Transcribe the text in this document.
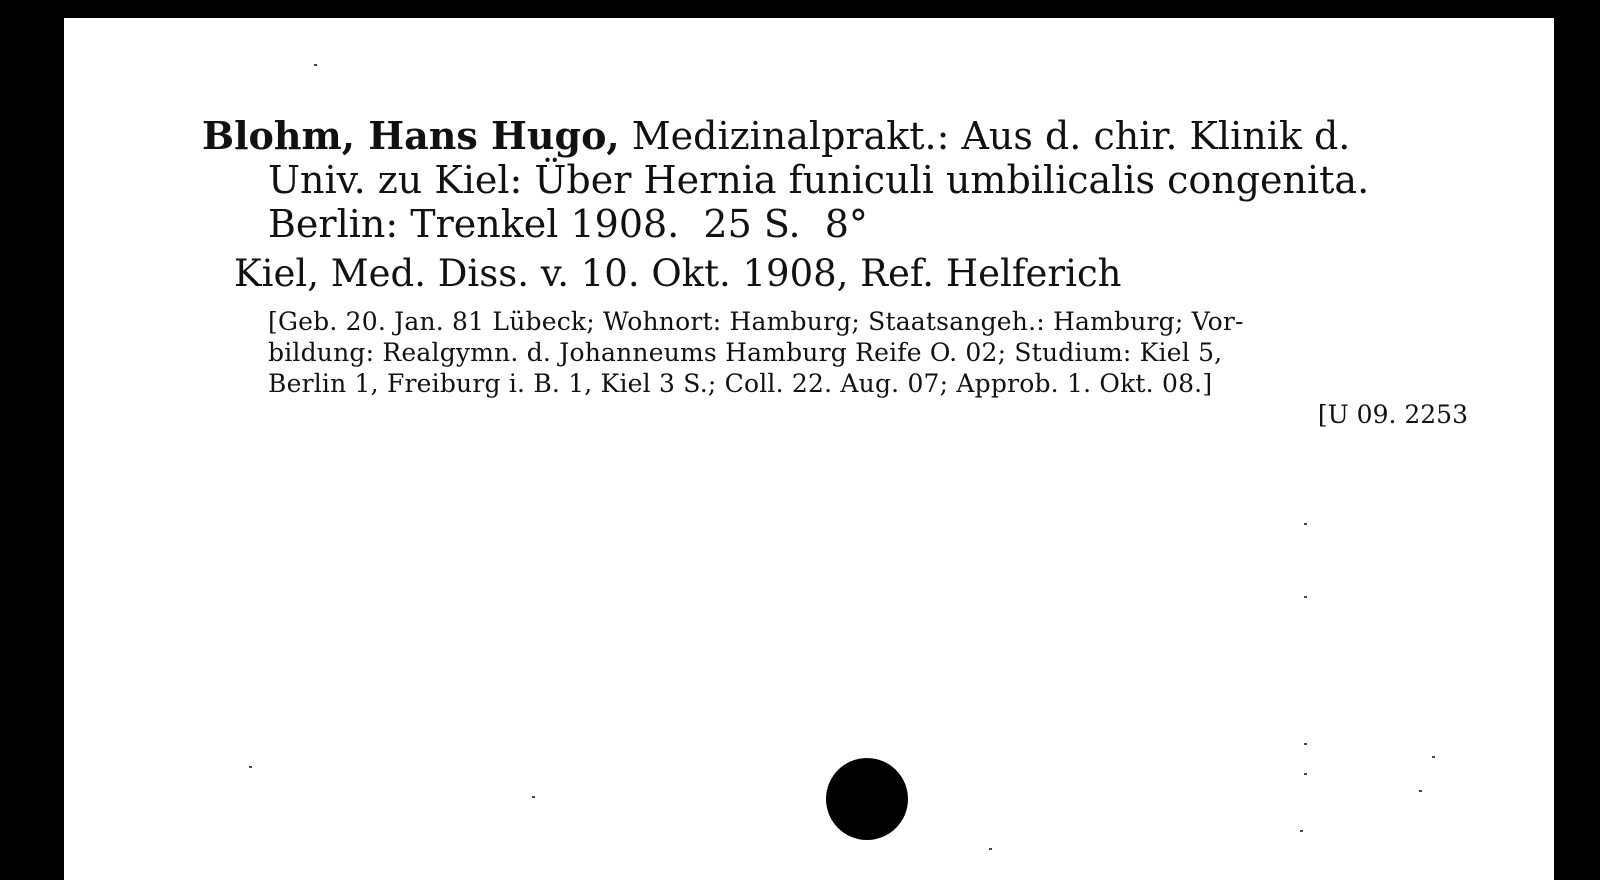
Blohm, Hans Hugo, Medizinalprakt.: Aus d. chir. Klinik d.

Univ. zu Kiel: Über Hernia funiculi umbilicalis congenita.

Berlin: Trenkel 1908.  25 S.  8°

Kiel, Med. Diss. v. 10. Okt. 1908, Ref. Helferich

[Geb. 20. Jan. 81 Lübeck; Wohnort: Hamburg; Staatsangeh.: Hamburg; Vor-
bildung: Realgymn. d. Johanneums Hamburg Reife O. 02; Studium: Kiel 5,
Berlin 1, Freiburg i. B. 1, Kiel 3 S.; Coll. 22. Aug. 07; Approb. 1. Okt. 08.]
[U 09. 2253
